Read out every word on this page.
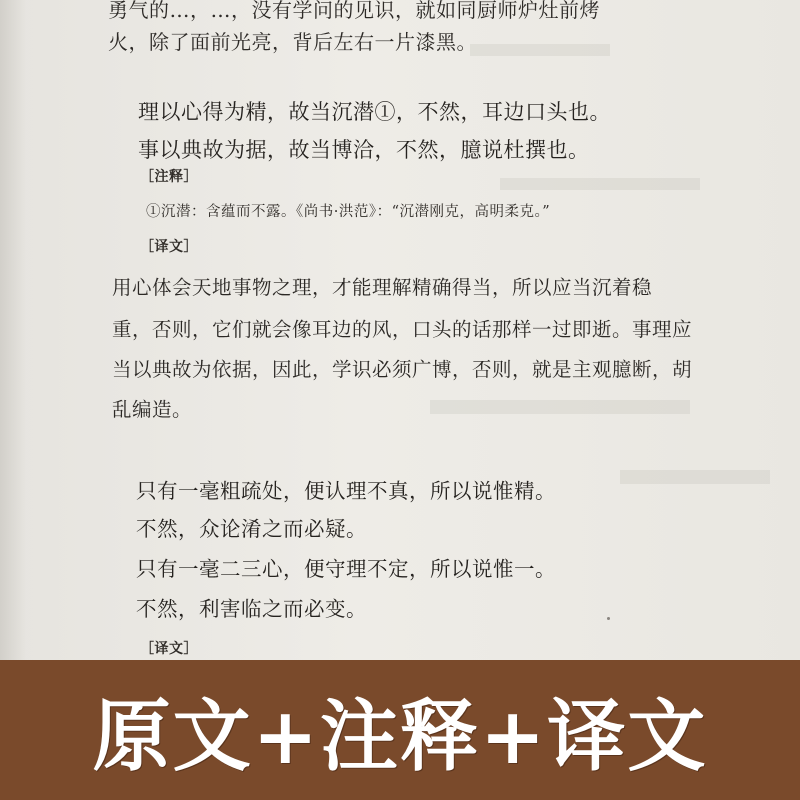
勇气的…，…，没有学问的见识，就如同厨师炉灶前烤
火，除了面前光亮，背后左右一片漆黑。
理以心得为精，故当沉潜①，不然，耳边口头也。
事以典故为据，故当博洽，不然，臆说杜撰也。
［注释］
①沉潜：含蕴而不露。《尚书·洪范》：“沉潜刚克，高明柔克。”
［译文］
用心体会天地事物之理，才能理解精确得当，所以应当沉着稳
重，否则，它们就会像耳边的风，口头的话那样一过即逝。事理应
当以典故为依据，因此，学识必须广博，否则，就是主观臆断，胡
乱编造。
只有一毫粗疏处，便认理不真，所以说惟精。
不然，众论淆之而必疑。
只有一毫二三心，便守理不定，所以说惟一。
不然，利害临之而必变。
［译文］
原文+注释+译文
